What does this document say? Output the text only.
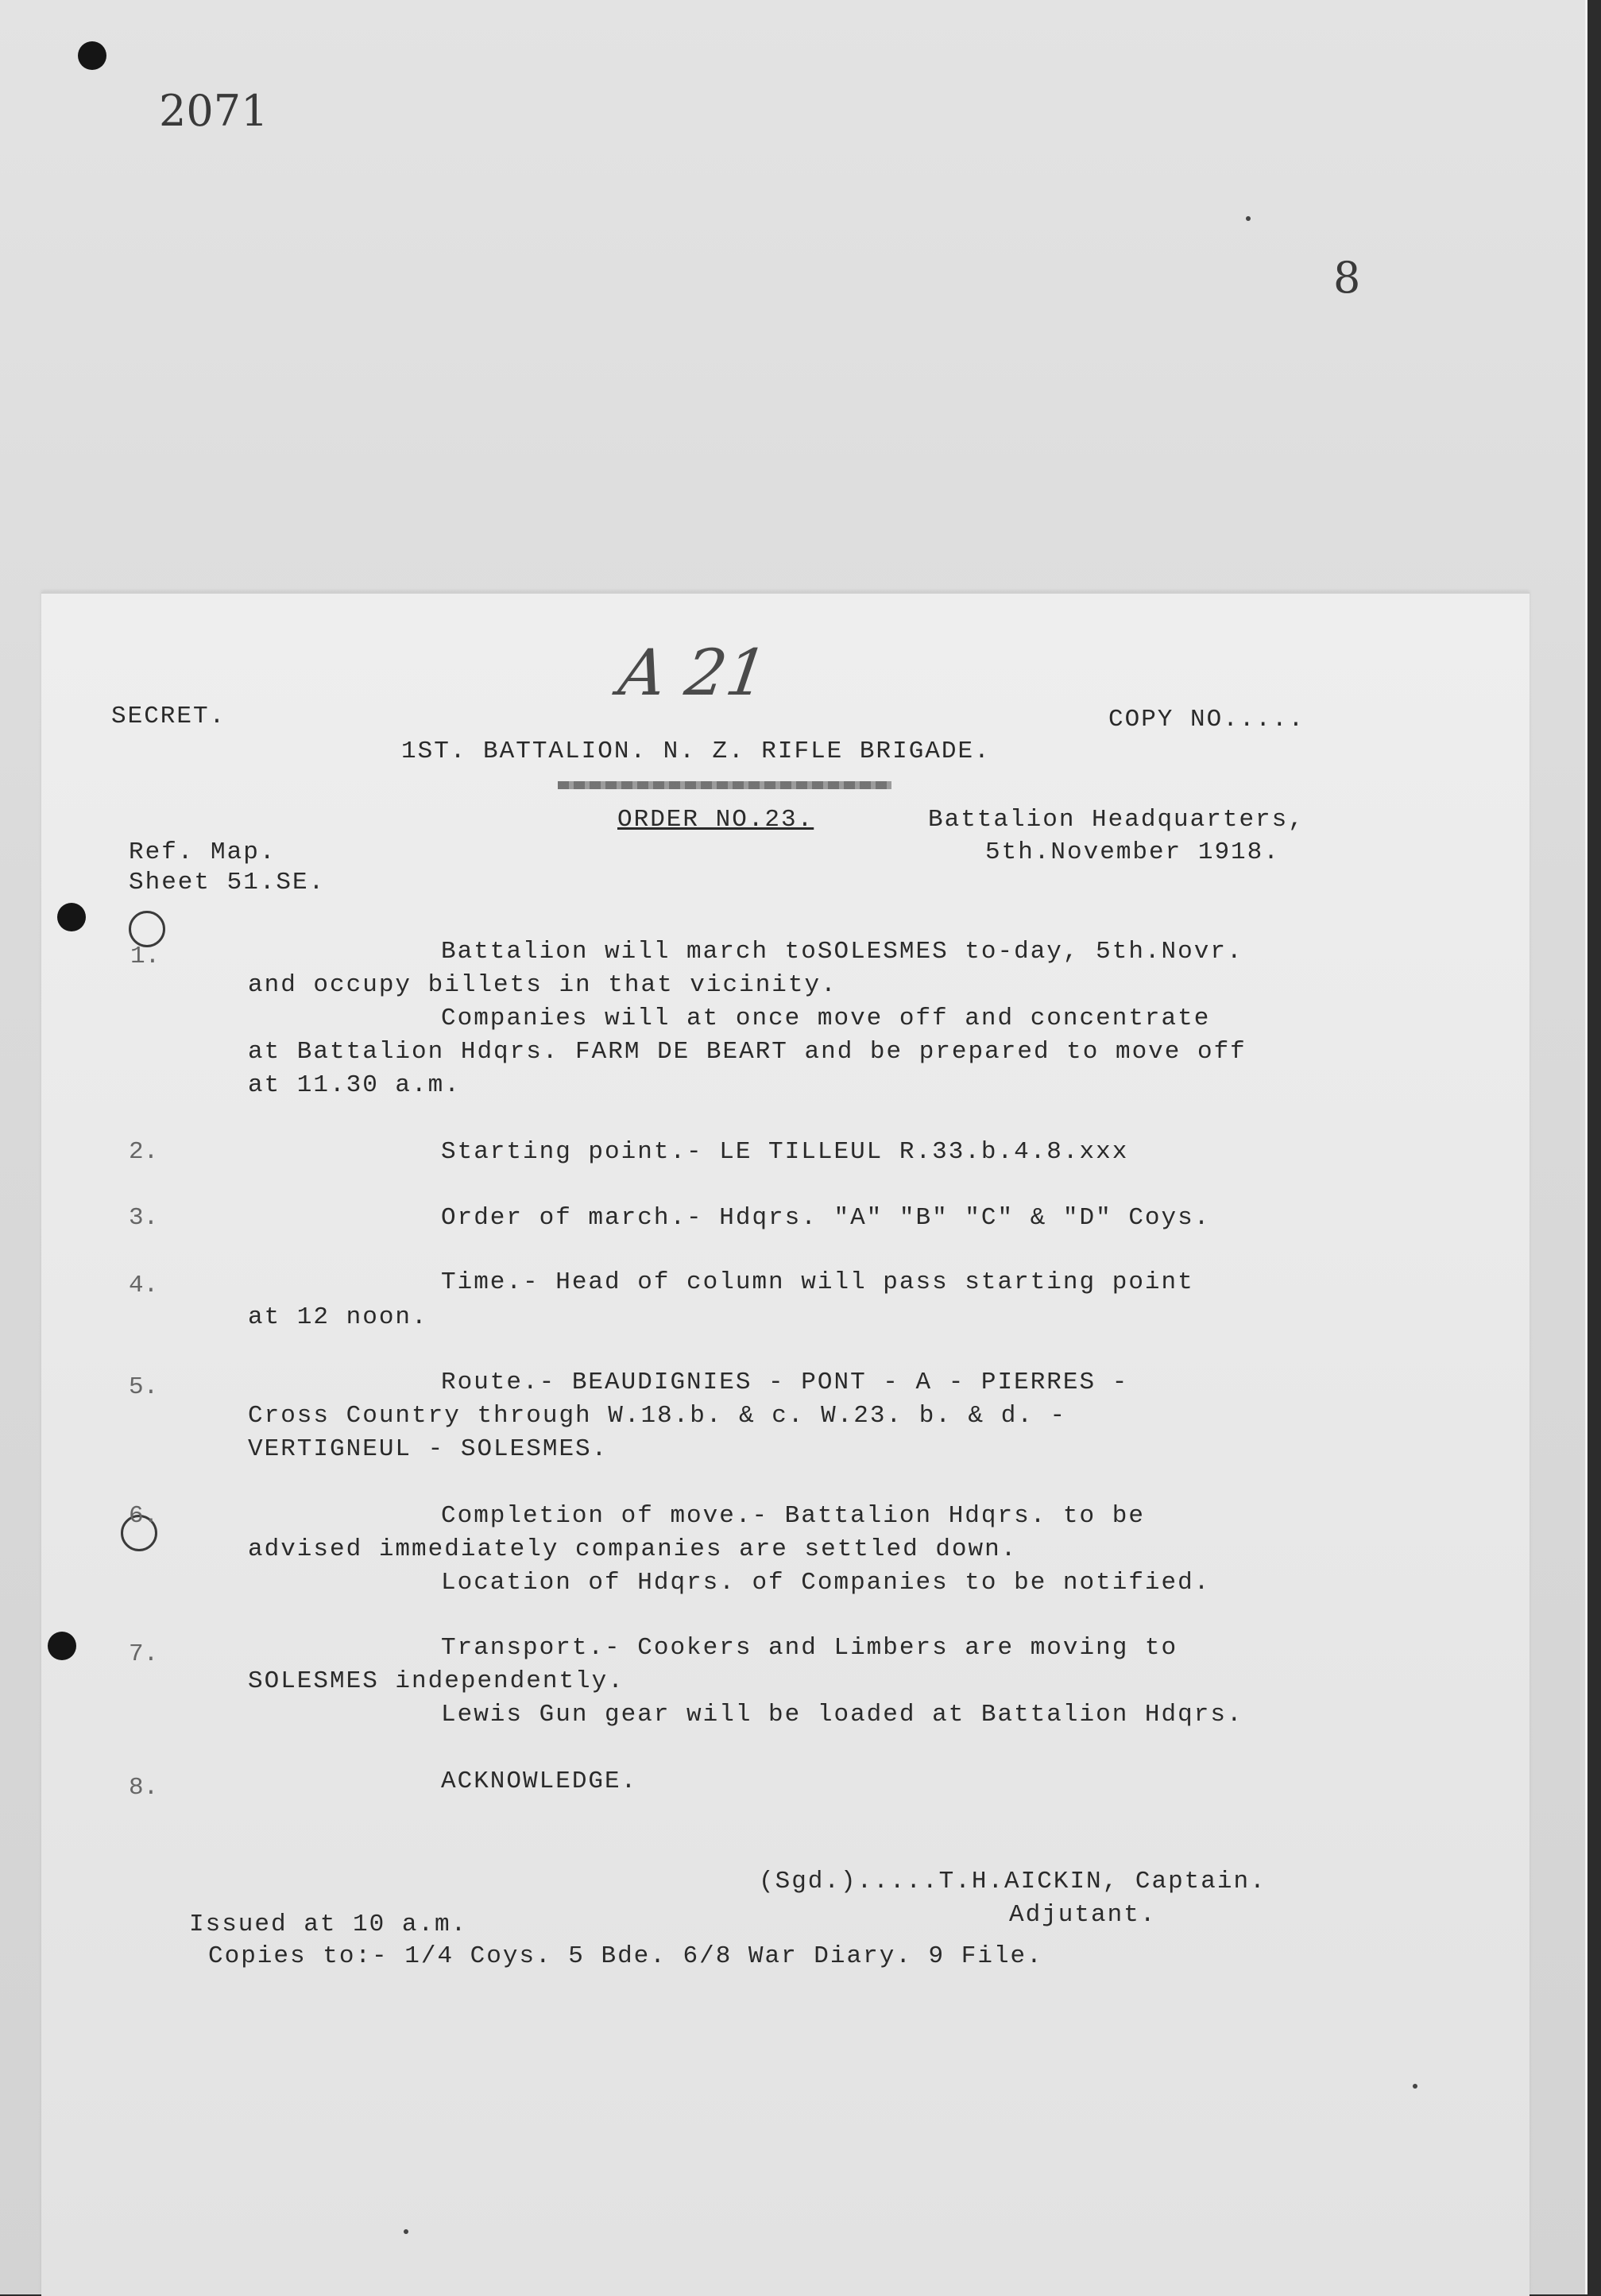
2071
8
A 21
SECRET.	COPY NO.....
1ST. BATTALION. N. Z. RIFLE BRIGADE.
ORDER NO.23.	Battalion Headquarters,
5th.November 1918.
Ref. Map.
Sheet 51.SE.
1.	Battalion will march toSOLESMES to-day, 5th.Novr.
and occupy billets in that vicinity.
Companies will at once move off and concentrate
at Battalion Hdqrs. FARM DE BEART and be prepared to move off
at 11.30 a.m.
2.	Starting point.- LE TILLEUL R.33.b.4.8.xxx
3.	Order of march.- Hdqrs. "A" "B" "C" & "D" Coys.
4.	Time.- Head of column will pass starting point
at 12 noon.
5.	Route.- BEAUDIGNIES - PONT - A - PIERRES -
Cross Country through W.18.b. & c. W.23. b. & d. -
VERTIGNEUL - SOLESMES.
6.	Completion of move.- Battalion Hdqrs. to be
advised immediately companies are settled down.
Location of Hdqrs. of Companies to be notified.
7.	Transport.- Cookers and Limbers are moving to
SOLESMES independently.
Lewis Gun gear will be loaded at Battalion Hdqrs.
8.	ACKNOWLEDGE.
(Sgd.).....T.H.AICKIN, Captain.
Adjutant.
Issued at 10 a.m.
Copies to:- 1/4 Coys. 5 Bde. 6/8 War Diary. 9 File.
